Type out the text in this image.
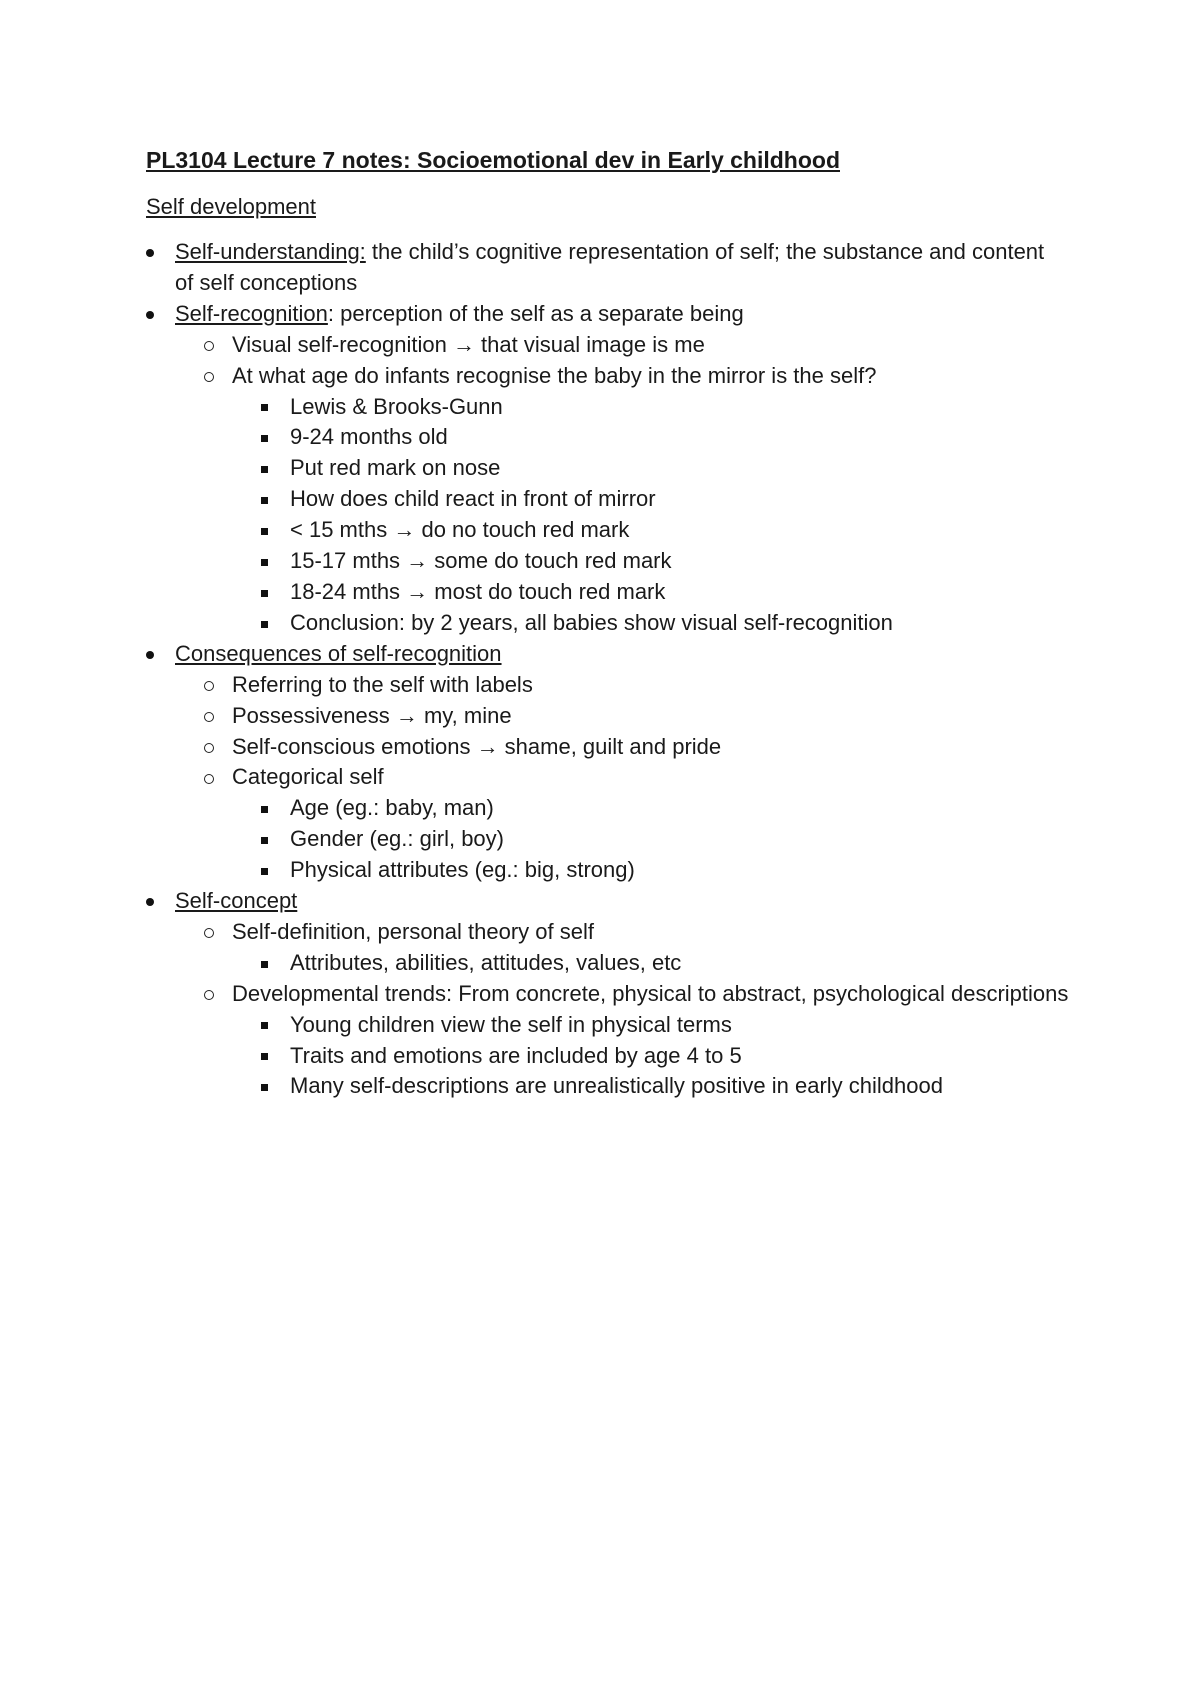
PL3104 Lecture 7 notes: Socioemotional dev in Early childhood
Self development
Self-understanding: the child’s cognitive representation of self; the substance and content of self conceptions
Self-recognition: perception of the self as a separate being
Visual self-recognition → that visual image is me
At what age do infants recognise the baby in the mirror is the self?
Lewis & Brooks-Gunn
9-24 months old
Put red mark on nose
How does child react in front of mirror
< 15 mths → do no touch red mark
15-17 mths → some do touch red mark
18-24 mths → most do touch red mark
Conclusion: by 2 years, all babies show visual self-recognition
Consequences of self-recognition
Referring to the self with labels
Possessiveness → my, mine
Self-conscious emotions → shame, guilt and pride
Categorical self
Age (eg.: baby, man)
Gender (eg.: girl, boy)
Physical attributes (eg.: big, strong)
Self-concept
Self-definition, personal theory of self
Attributes, abilities, attitudes, values, etc
Developmental trends: From concrete, physical to abstract, psychological descriptions
Young children view the self in physical terms
Traits and emotions are included by age 4 to 5
Many self-descriptions are unrealistically positive in early childhood
